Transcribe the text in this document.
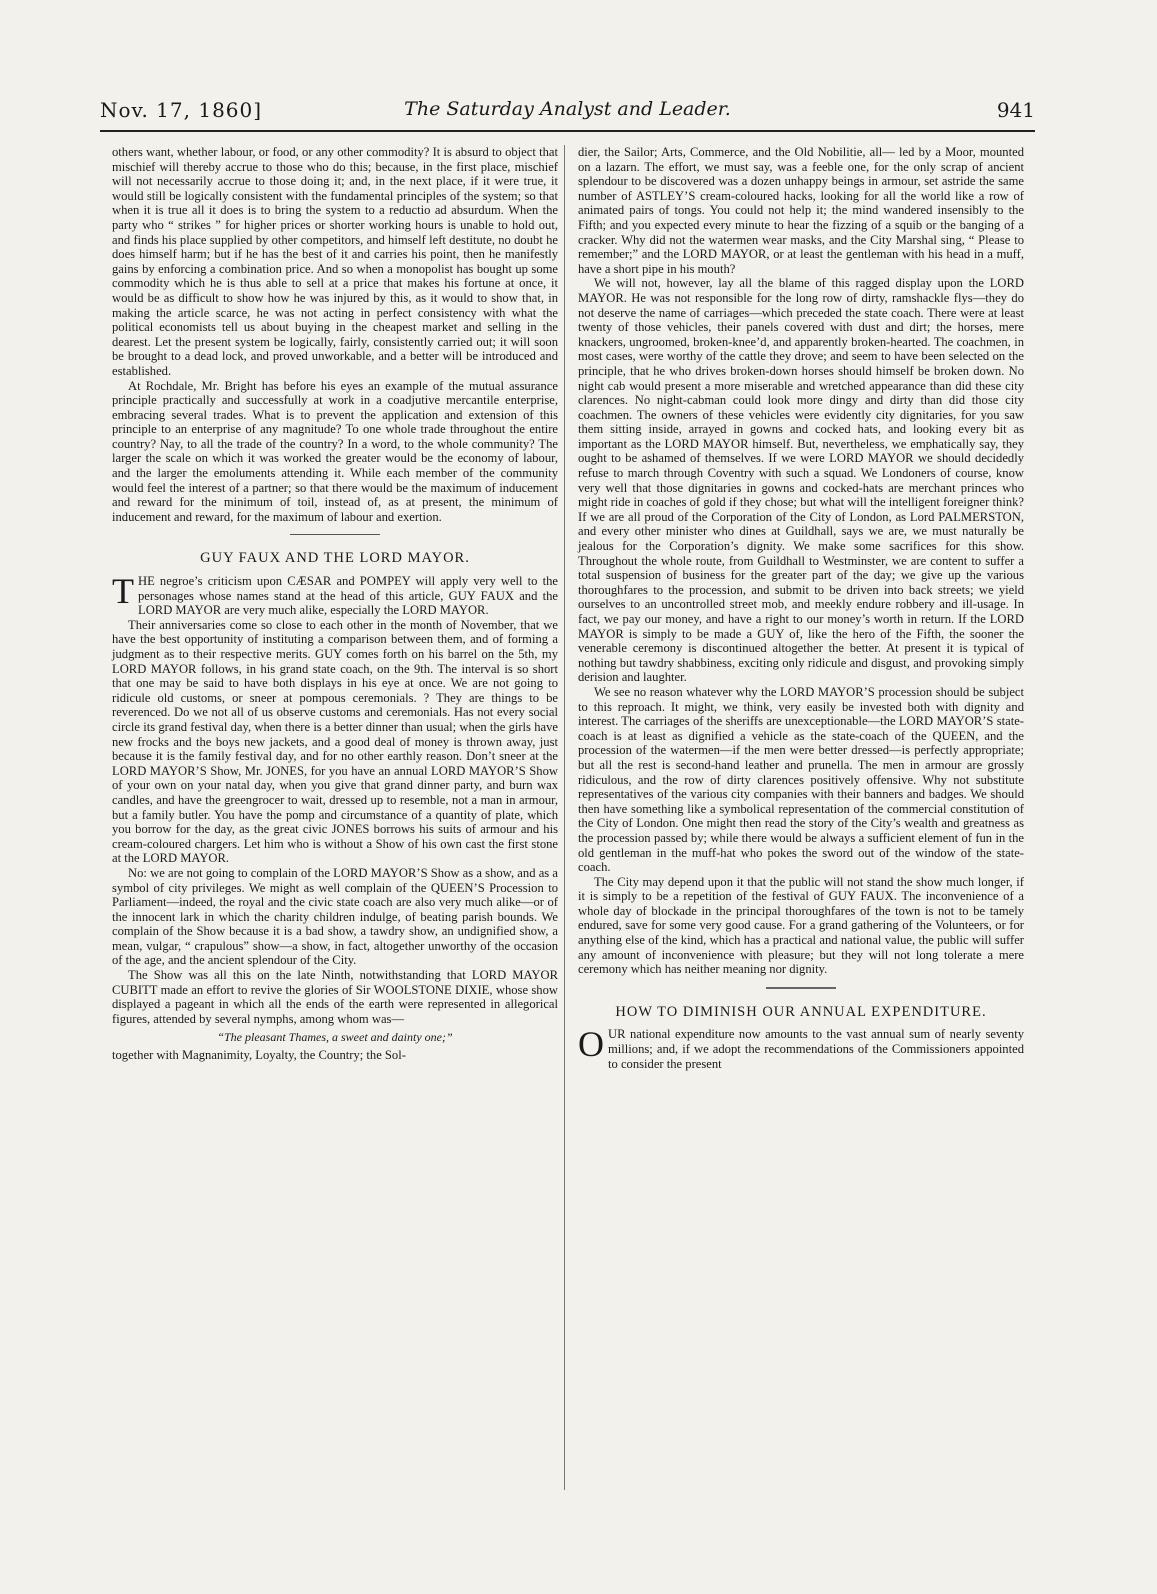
Nov. 17, 1860]	The Saturday Analyst and Leader.	941

others want, whether labour, or food, or any other commodity? It is absurd to object that mischief will thereby accrue to those who do this; because, in the first place, mischief will not necessarily accrue to those doing it; and, in the next place, if it were true, it would still be logically consistent with the fundamental principles of the system; so that when it is true all it does is to bring the system to a reductio ad absurdum. When the party who “ strikes ” for higher prices or shorter working hours is unable to hold out, and finds his place supplied by other competitors, and himself left destitute, no doubt he does himself harm; but if he has the best of it and carries his point, then he manifestly gains by enforcing a combination price. And so when a monopolist has bought up some commodity which he is thus able to sell at a price that makes his fortune at once, it would be as difficult to show how he was injured by this, as it would to show that, in making the article scarce, he was not acting in perfect consistency with what the political economists tell us about buying in the cheapest market and selling in the dearest. Let the present system be logically, fairly, consistently carried out; it will soon be brought to a dead lock, and proved unworkable, and a better will be introduced and established.

At Rochdale, Mr. Bright has before his eyes an example of the mutual assurance principle practically and successfully at work in a coadjutive mercantile enterprise, embracing several trades. What is to prevent the application and extension of this principle to an enterprise of any magnitude? To one whole trade throughout the entire country? Nay, to all the trade of the country? In a word, to the whole community? The larger the scale on which it was worked the greater would be the economy of labour, and the larger the emoluments attending it. While each member of the community would feel the interest of a partner; so that there would be the maximum of inducement and reward for the minimum of toil, instead of, as at present, the minimum of inducement and reward, for the maximum of labour and exertion.

GUY FAUX AND THE LORD MAYOR.

THE negroe’s criticism upon CÆSAR and POMPEY will apply very well to the personages whose names stand at the head of this article, GUY FAUX and the LORD MAYOR are very much alike, especially the LORD MAYOR.

Their anniversaries come so close to each other in the month of November, that we have the best opportunity of instituting a comparison between them, and of forming a judgment as to their respective merits. GUY comes forth on his barrel on the 5th, my LORD MAYOR follows, in his grand state coach, on the 9th. The interval is so short that one may be said to have both displays in his eye at once. We are not going to ridicule old customs, or sneer at pompous ceremonials. ? They are things to be reverenced. Do we not all of us observe customs and ceremonials. Has not every social circle its grand festival day, when there is a better dinner than usual; when the girls have new frocks and the boys new jackets, and a good deal of money is thrown away, just because it is the family festival day, and for no other earthly reason. Don’t sneer at the LORD MAYOR’S Show, Mr. JONES, for you have an annual LORD MAYOR’S Show of your own on your natal day, when you give that grand dinner party, and burn wax candles, and have the greengrocer to wait, dressed up to resemble, not a man in armour, but a family butler. You have the pomp and circumstance of a quantity of plate, which you borrow for the day, as the great civic JONES borrows his suits of armour and his cream-coloured chargers. Let him who is without a Show of his own cast the first stone at the LORD MAYOR.

No: we are not going to complain of the LORD MAYOR’S Show as a show, and as a symbol of city privileges. We might as well complain of the QUEEN’S Procession to Parliament—indeed, the royal and the civic state coach are also very much alike—or of the innocent lark in which the charity children indulge, of beating parish bounds. We complain of the Show because it is a bad show, a tawdry show, an undignified show, a mean, vulgar, “ crapulous” show—a show, in fact, altogether unworthy of the occasion of the age, and the ancient splendour of the City.

The Show was all this on the late Ninth, notwithstanding that LORD MAYOR CUBITT made an effort to revive the glories of Sir WOOLSTONE DIXIE, whose show displayed a pageant in which all the ends of the earth were represented in allegorical figures, attended by several nymphs, among whom was—

“The pleasant Thames, a sweet and dainty one;”

together with Magnanimity, Loyalty, the Country; the Sol-

dier, the Sailor; Arts, Commerce, and the Old Nobilitie, all— led by a Moor, mounted on a lazarn. The effort, we must say, was a feeble one, for the only scrap of ancient splendour to be discovered was a dozen unhappy beings in armour, set astride the same number of ASTLEY’S cream-coloured hacks, looking for all the world like a row of animated pairs of tongs. You could not help it; the mind wandered insensibly to the Fifth; and you expected every minute to hear the fizzing of a squib or the banging of a cracker. Why did not the watermen wear masks, and the City Marshal sing, “ Please to remember;” and the LORD MAYOR, or at least the gentleman with his head in a muff, have a short pipe in his mouth?

We will not, however, lay all the blame of this ragged display upon the LORD MAYOR. He was not responsible for the long row of dirty, ramshackle flys—they do not deserve the name of carriages—which preceded the state coach. There were at least twenty of those vehicles, their panels covered with dust and dirt; the horses, mere knackers, ungroomed, broken-knee’d, and apparently broken-hearted. The coachmen, in most cases, were worthy of the cattle they drove; and seem to have been selected on the principle, that he who drives broken-down horses should himself be broken down. No night cab would present a more miserable and wretched appearance than did these city clarences. No night-cabman could look more dingy and dirty than did those city coachmen. The owners of these vehicles were evidently city dignitaries, for you saw them sitting inside, arrayed in gowns and cocked hats, and looking every bit as important as the LORD MAYOR himself. But, nevertheless, we emphatically say, they ought to be ashamed of themselves. If we were LORD MAYOR we should decidedly refuse to march through Coventry with such a squad. We Londoners of course, know very well that those dignitaries in gowns and cocked-hats are merchant princes who might ride in coaches of gold if they chose; but what will the intelligent foreigner think? If we are all proud of the Corporation of the City of London, as Lord PALMERSTON, and every other minister who dines at Guildhall, says we are, we must naturally be jealous for the Corporation’s dignity. We make some sacrifices for this show. Throughout the whole route, from Guildhall to Westminster, we are content to suffer a total suspension of business for the greater part of the day; we give up the various thoroughfares to the procession, and submit to be driven into back streets; we yield ourselves to an uncontrolled street mob, and meekly endure robbery and ill-usage. In fact, we pay our money, and have a right to our money’s worth in return. If the LORD MAYOR is simply to be made a GUY of, like the hero of the Fifth, the sooner the venerable ceremony is discontinued altogether the better. At present it is typical of nothing but tawdry shabbiness, exciting only ridicule and disgust, and provoking simply derision and laughter.

We see no reason whatever why the LORD MAYOR’S procession should be subject to this reproach. It might, we think, very easily be invested both with dignity and interest. The carriages of the sheriffs are unexceptionable—the LORD MAYOR’S state-coach is at least as dignified a vehicle as the state-coach of the QUEEN, and the procession of the watermen—if the men were better dressed—is perfectly appropriate; but all the rest is second-hand leather and prunella. The men in armour are grossly ridiculous, and the row of dirty clarences positively offensive. Why not substitute representatives of the various city companies with their banners and badges. We should then have something like a symbolical representation of the commercial constitution of the City of London. One might then read the story of the City’s wealth and greatness as the procession passed by; while there would be always a sufficient element of fun in the old gentleman in the muff-hat who pokes the sword out of the window of the state-coach.

The City may depend upon it that the public will not stand the show much longer, if it is simply to be a repetition of the festival of GUY FAUX. The inconvenience of a whole day of blockade in the principal thoroughfares of the town is not to be tamely endured, save for some very good cause. For a grand gathering of the Volunteers, or for anything else of the kind, which has a practical and national value, the public will suffer any amount of inconvenience with pleasure; but they will not long tolerate a mere ceremony which has neither meaning nor dignity.

HOW TO DIMINISH OUR ANNUAL EXPENDITURE.

OUR national expenditure now amounts to the vast annual sum of nearly seventy millions; and, if we adopt the recommendations of the Commissioners appointed to consider the present
